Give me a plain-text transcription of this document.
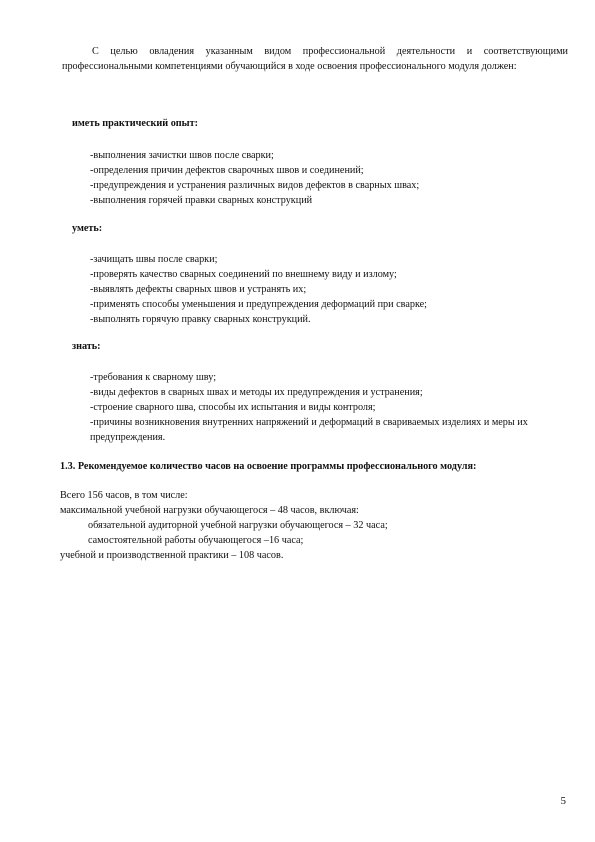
С целью овладения указанным видом профессиональной деятельности и соответствующими профессиональными компетенциями обучающийся в ходе освоения профессионального модуля должен:

иметь практический опыт:

-выполнения зачистки швов после сварки;
-определения причин дефектов сварочных швов и соединений;
-предупреждения и устранения различных видов дефектов в сварных швах;
-выполнения горячей правки сварных конструкций

уметь:

-зачищать швы после сварки;
-проверять качество сварных соединений по внешнему виду и излому;
-выявлять дефекты сварных швов и устранять их;
-применять способы уменьшения и предупреждения деформаций при сварке;
-выполнять горячую правку сварных конструкций.

знать:

-требования к сварному шву;
-виды дефектов в сварных швах и методы их предупреждения и устранения;
-строение сварного шва, способы их испытания и виды контроля;
-причины возникновения внутренних напряжений и деформаций в свариваемых изделиях и меры их предупреждения.

1.3. Рекомендуемое количество часов на освоение программы профессионального модуля:

Всего 156 часов, в том числе:
максимальной учебной нагрузки обучающегося – 48 часов, включая:
обязательной аудиторной учебной нагрузки обучающегося – 32 часа;
самостоятельной работы обучающегося –16 часа;
учебной и производственной практики – 108 часов.
5
